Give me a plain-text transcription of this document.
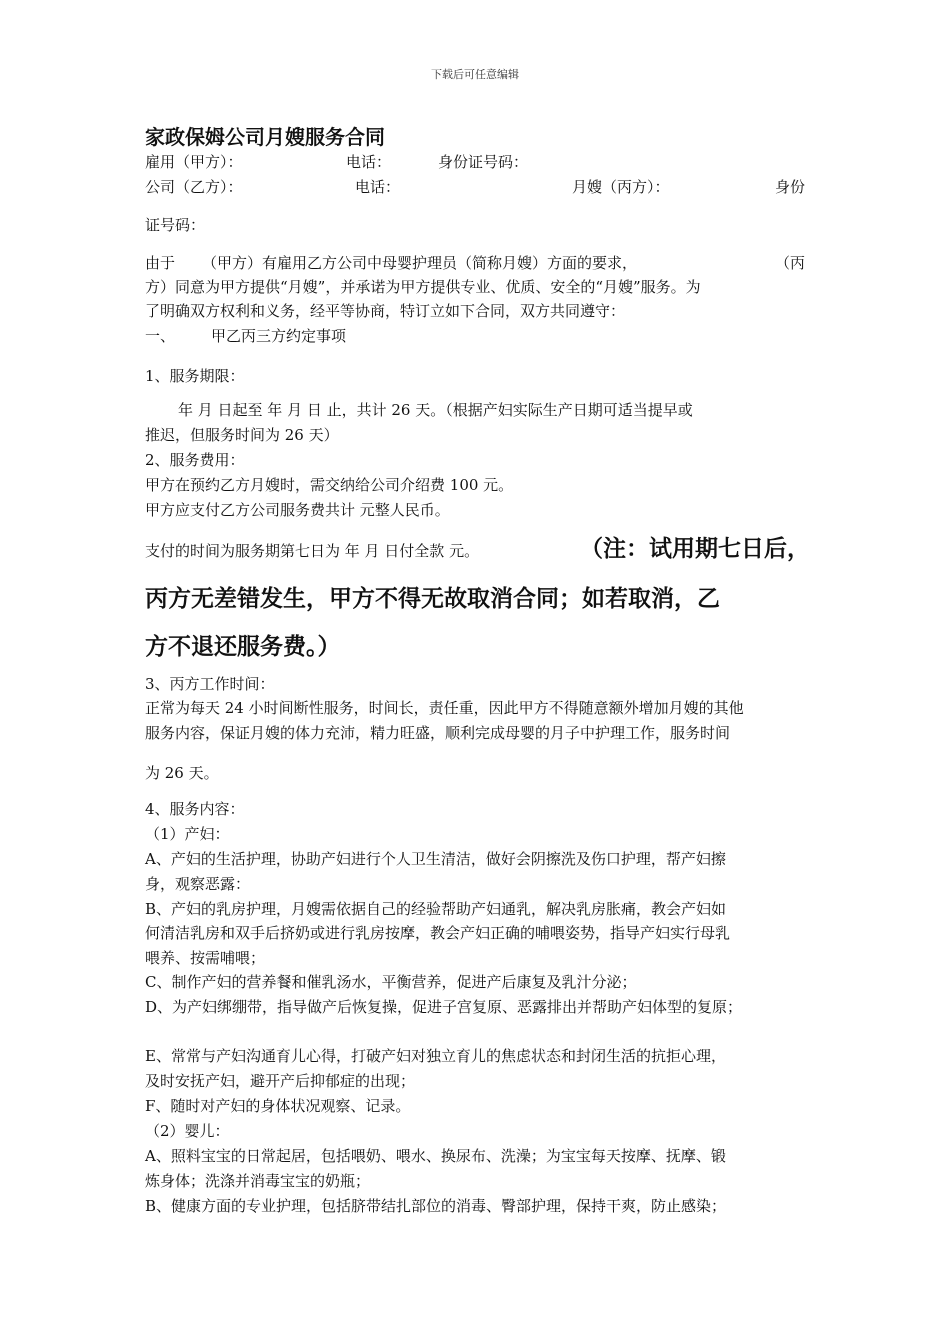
下载后可任意编辑
家政保姆公司月嫂服务合同
雇用（甲方）：	电话：	身份证号码：
公司（乙方）：	电话：	月嫂（丙方）：	身份
证号码：
由于 （甲方）有雇用乙方公司中母婴护理员（简称月嫂）方面的要求，	（丙
方）同意为甲方提供“月嫂”，并承诺为甲方提供专业、优质、安全的“月嫂”服务。为
了明确双方权利和义务，经平等协商，特订立如下合同，双方共同遵守：
一、 甲乙丙三方约定事项
1、服务期限：
年 月 日起至 年 月 日 止，共计 26 天。（根据产妇实际生产日期可适当提早或
推迟，但服务时间为 26 天）
2、服务费用：
甲方在预约乙方月嫂时，需交纳给公司介绍费 100 元。
甲方应支付乙方公司服务费共计 元整人民币。
支付的时间为服务期第七日为 年 月 日付全款 元。	（注：试用期七日后，
丙方无差错发生，甲方不得无故取消合同；如若取消，乙
方不退还服务费。）
3、丙方工作时间：
正常为每天 24 小时间断性服务，时间长，责任重，因此甲方不得随意额外增加月嫂的其他
服务内容，保证月嫂的体力充沛，精力旺盛，顺利完成母婴的月子中护理工作，服务时间
为 26 天。
4、服务内容：
（1）产妇：
A、产妇的生活护理，协助产妇进行个人卫生清洁，做好会阴擦洗及伤口护理，帮产妇擦
身，观察恶露：
B、产妇的乳房护理，月嫂需依据自己的经验帮助产妇通乳，解决乳房胀痛，教会产妇如
何清洁乳房和双手后挤奶或进行乳房按摩，教会产妇正确的哺喂姿势，指导产妇实行母乳
喂养、按需哺喂；
C、制作产妇的营养餐和催乳汤水，平衡营养，促进产后康复及乳汁分泌；
D、为产妇绑绷带，指导做产后恢复操，促进子宫复原、恶露排出并帮助产妇体型的复原；
E、常常与产妇沟通育儿心得，打破产妇对独立育儿的焦虑状态和封闭生活的抗拒心理，
及时安抚产妇，避开产后抑郁症的出现；
F、随时对产妇的身体状况观察、记录。
（2）婴儿：
A、照料宝宝的日常起居，包括喂奶、喂水、换尿布、洗澡；为宝宝每天按摩、抚摩、锻
炼身体；洗涤并消毒宝宝的奶瓶；
B、健康方面的专业护理，包括脐带结扎部位的消毒、臀部护理，保持干爽，防止感染；
